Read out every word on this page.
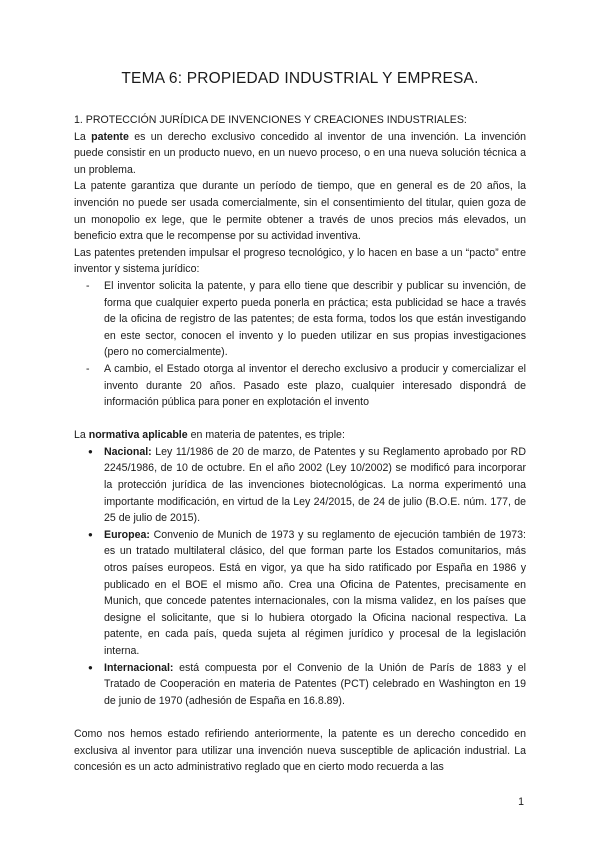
TEMA 6: PROPIEDAD INDUSTRIAL Y EMPRESA.
1. PROTECCIÓN JURÍDICA DE INVENCIONES Y CREACIONES INDUSTRIALES:

La patente es un derecho exclusivo concedido al inventor de una invención. La invención puede consistir en un producto nuevo, en un nuevo proceso, o en una nueva solución técnica a un problema.

La patente garantiza que durante un período de tiempo, que en general es de 20 años, la invención no puede ser usada comercialmente, sin el consentimiento del titular, quien goza de un monopolio ex lege, que le permite obtener a través de unos precios más elevados, un beneficio extra que le recompense por su actividad inventiva.

Las patentes pretenden impulsar el progreso tecnológico, y lo hacen en base a un “pacto” entre inventor y sistema jurídico:

- El inventor solicita la patente, y para ello tiene que describir y publicar su invención, de forma que cualquier experto pueda ponerla en práctica; esta publicidad se hace a través de la oficina de registro de las patentes; de esta forma, todos los que están investigando en este sector, conocen el invento y lo pueden utilizar en sus propias investigaciones (pero no comercialmente).
- A cambio, el Estado otorga al inventor el derecho exclusivo a producir y comercializar el invento durante 20 años. Pasado este plazo, cualquier interesado dispondrá de información pública para poner en explotación el invento

La normativa aplicable en materia de patentes, es triple:

● Nacional: Ley 11/1986 de 20 de marzo, de Patentes y su Reglamento aprobado por RD 2245/1986, de 10 de octubre. En el año 2002 (Ley 10/2002) se modificó para incorporar la protección jurídica de las invenciones biotecnológicas. La norma experimentó una importante modificación, en virtud de la Ley 24/2015, de 24 de julio (B.O.E. núm. 177, de 25 de julio de 2015).
● Europea: Convenio de Munich de 1973 y su reglamento de ejecución también de 1973: es un tratado multilateral clásico, del que forman parte los Estados comunitarios, más otros países europeos. Está en vigor, ya que ha sido ratificado por España en 1986 y publicado en el BOE el mismo año. Crea una Oficina de Patentes, precisamente en Munich, que concede patentes internacionales, con la misma validez, en los países que designe el solicitante, que si lo hubiera otorgado la Oficina nacional respectiva. La patente, en cada país, queda sujeta al régimen jurídico y procesal de la legislación interna.
● Internacional: está compuesta por el Convenio de la Unión de París de 1883 y el Tratado de Cooperación en materia de Patentes (PCT) celebrado en Washington en 19 de junio de 1970 (adhesión de España en 16.8.89).

Como nos hemos estado refiriendo anteriormente, la patente es un derecho concedido en exclusiva al inventor para utilizar una invención nueva susceptible de aplicación industrial. La concesión es un acto administrativo reglado que en cierto modo recuerda a las

1
